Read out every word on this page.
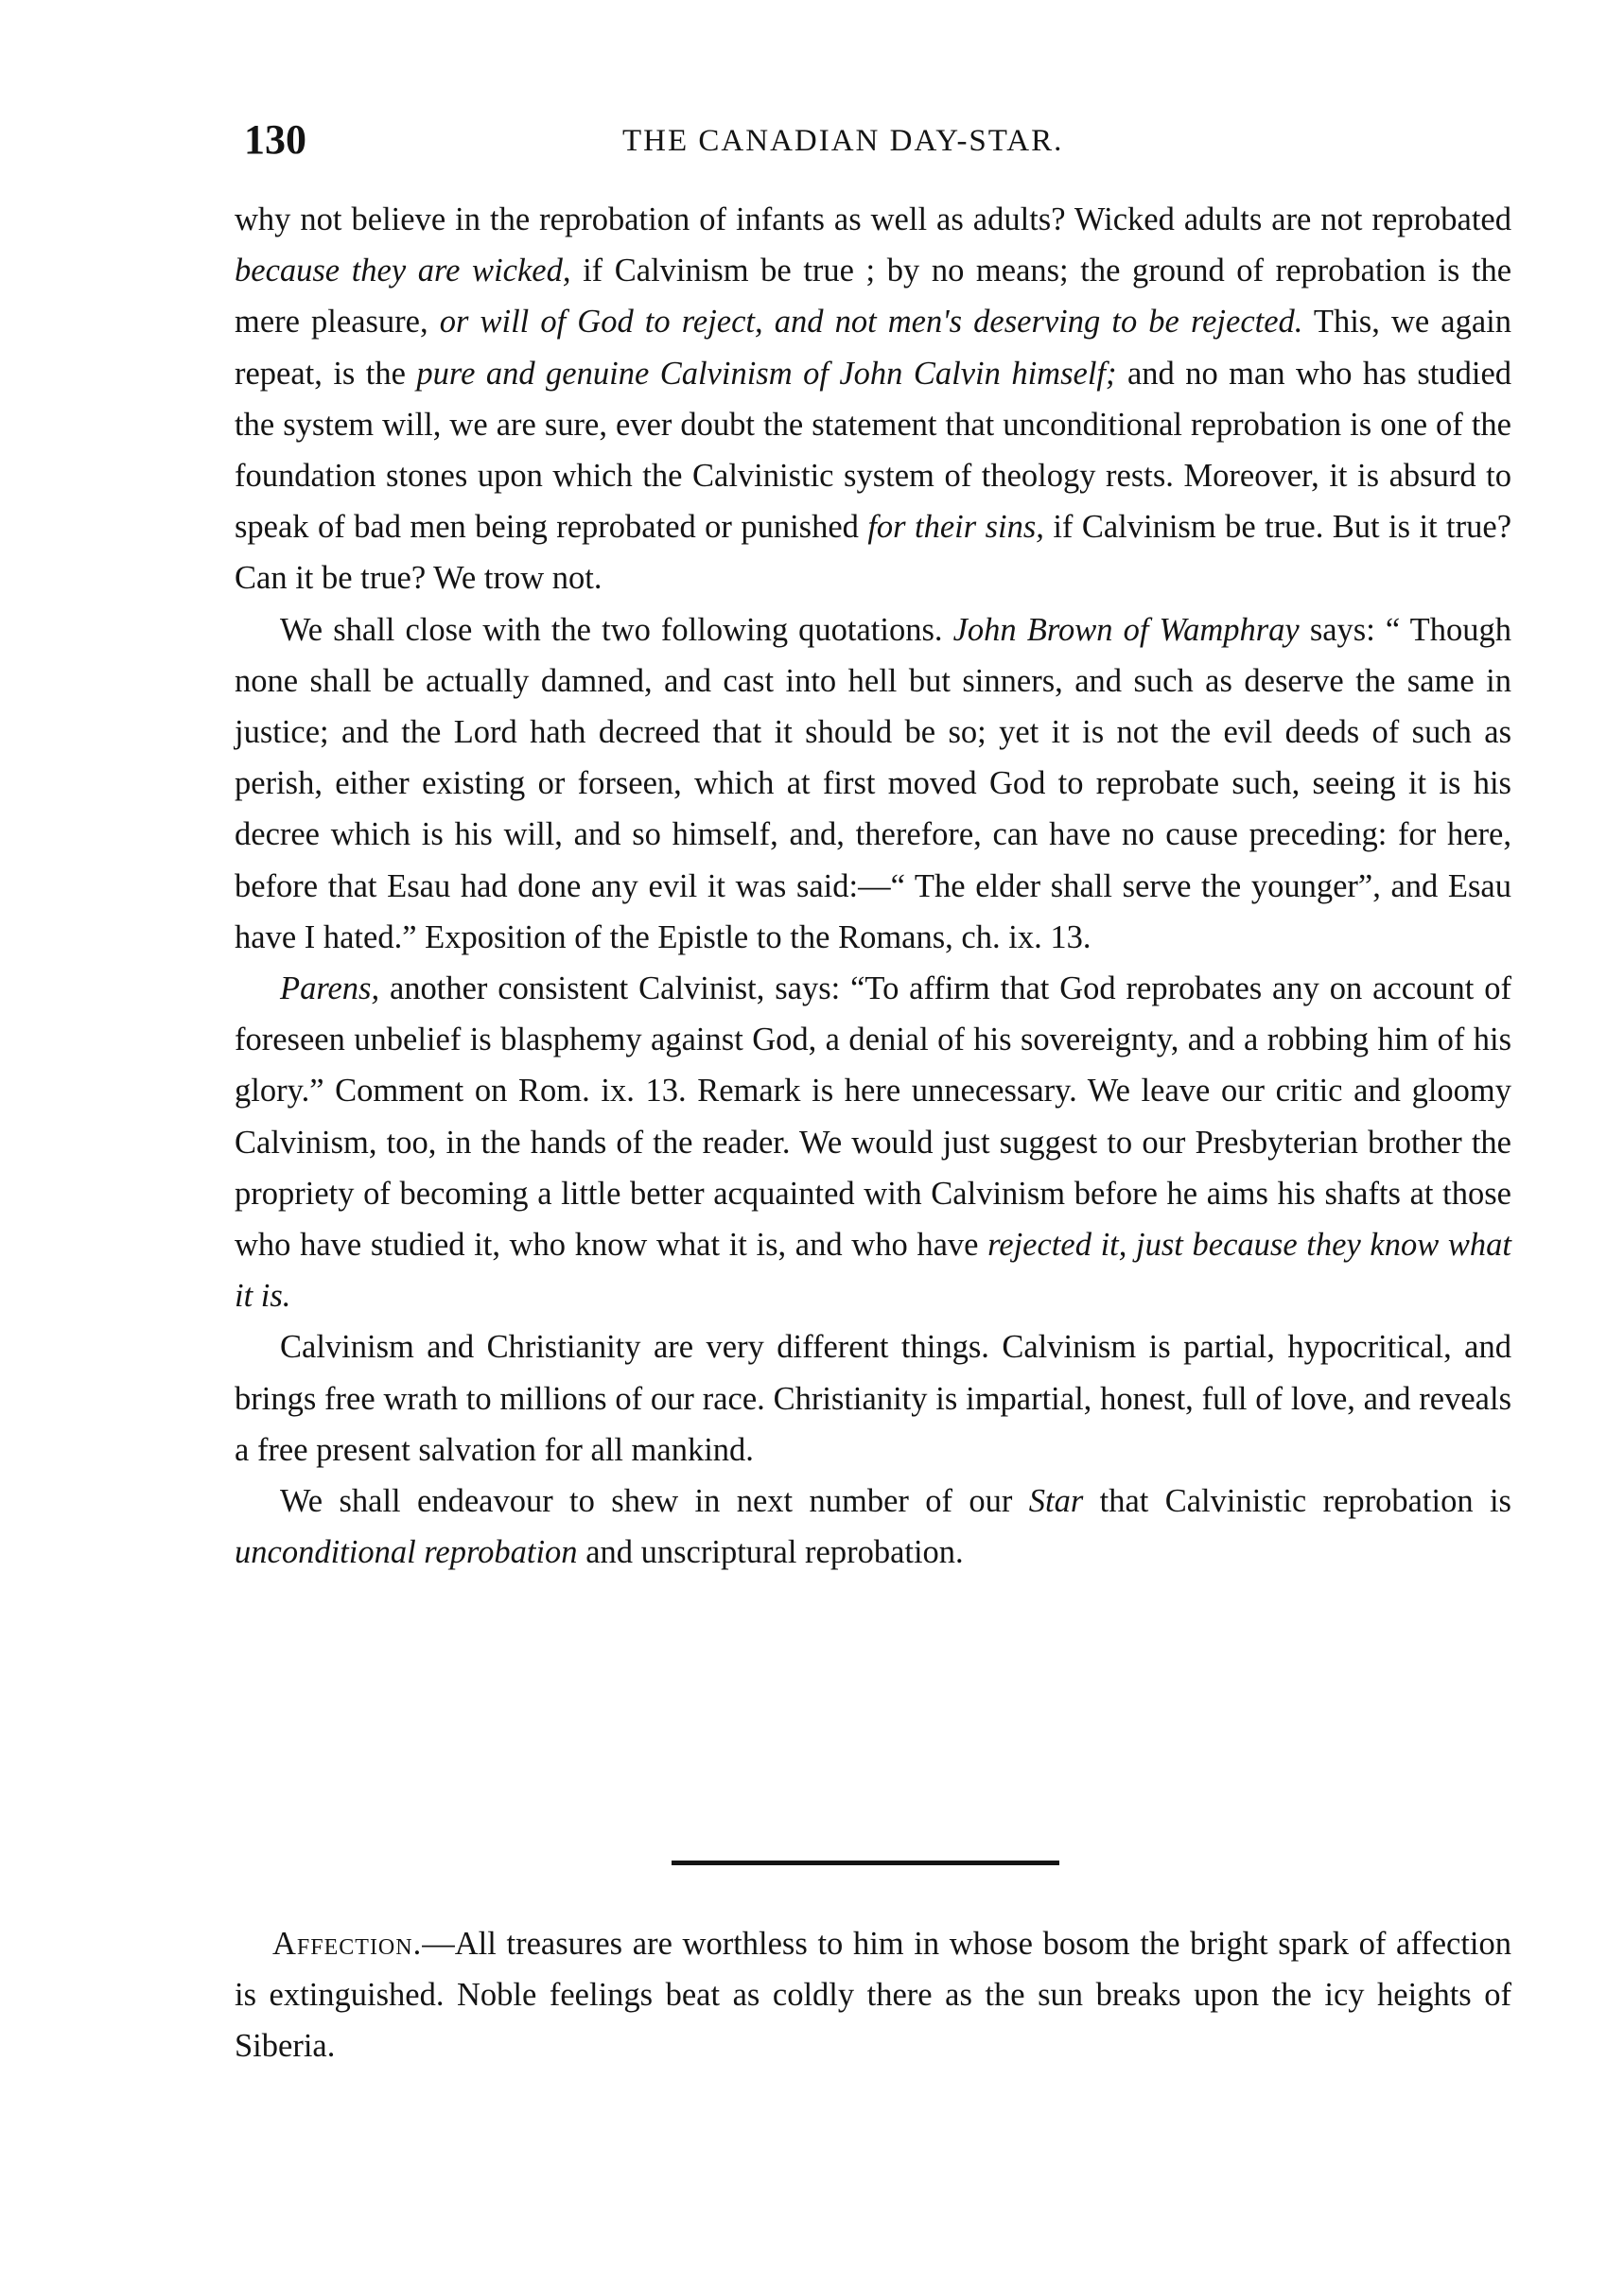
130	THE CANADIAN DAY-STAR.

why not believe in the reprobation of infants as well as adults? Wicked adults are not reprobated because they are wicked, if Calvinism be true ; by no means; the ground of reprobation is the mere pleasure, or will of God to reject, and not men's deserving to be rejected. This, we again repeat, is the pure and genuine Calvinism of John Calvin himself; and no man who has studied the system will, we are sure, ever doubt the statement that unconditional reprobation is one of the foundation stones upon which the Calvinistic system of theology rests. Moreover, it is absurd to speak of bad men being reprobated or punished for their sins, if Calvinism be true. But is it true? Can it be true? We trow not.

We shall close with the two following quotations. John Brown of Wamphray says: “ Though none shall be actually damned, and cast into hell but sinners, and such as deserve the same in justice; and the Lord hath decreed that it should be so; yet it is not the evil deeds of such as perish, either existing or forseen, which at first moved God to reprobate such, seeing it is his decree which is his will, and so himself, and, therefore, can have no cause preceding: for here, before that Esau had done any evil it was said:—“ The elder shall serve the younger”, and Esau have I hated.” Exposition of the Epistle to the Romans, ch. ix. 13.

Parens, another consistent Calvinist, says: “To affirm that God reprobates any on account of foreseen unbelief is blasphemy against God, a denial of his sovereignty, and a robbing him of his glory.” Comment on Rom. ix. 13. Remark is here unnecessary. We leave our critic and gloomy Calvinism, too, in the hands of the reader. We would just suggest to our Presbyterian brother the propriety of becoming a little better acquainted with Calvinism before he aims his shafts at those who have studied it, who know what it is, and who have rejected it, just because they know what it is.

Calvinism and Christianity are very different things. Calvinism is partial, hypocritical, and brings free wrath to millions of our race. Christianity is impartial, honest, full of love, and reveals a free present salvation for all mankind.

We shall endeavour to shew in next number of our Star that Calvinistic reprobation is unconditional reprobation and unscriptural reprobation.

Affection.—All treasures are worthless to him in whose bosom the bright spark of affection is extinguished. Noble feelings beat as coldly there as the sun breaks upon the icy heights of Siberia.
